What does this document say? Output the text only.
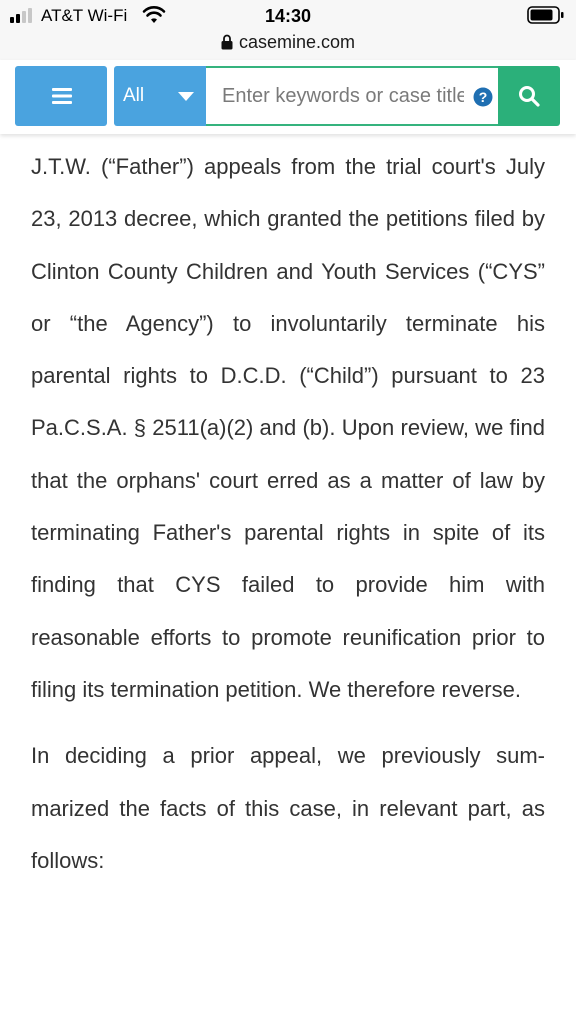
AT&T Wi-Fi	14:30
casemine.com
All
Enter keywords or case title	?

J.T.W. (“Father”) appeals from the trial court's July 23, 2013 decree, which granted the petitions filed by Clinton County Children and Youth Services (“CYS” or “the Agency”) to involuntarily terminate his parental rights to D.C.D. (“Child”) pursuant to 23 Pa.C.S.A. § 2511(a)(2) and (b). Upon review, we find that the orphans' court erred as a matter of law by terminating Father's parental rights in spite of its finding that CYS failed to provide him with reasonable efforts to promote reunification prior to filing its termination petition. We therefore reverse.

In deciding a prior appeal, we previously summarized the facts of this case, in relevant part, as follows:
